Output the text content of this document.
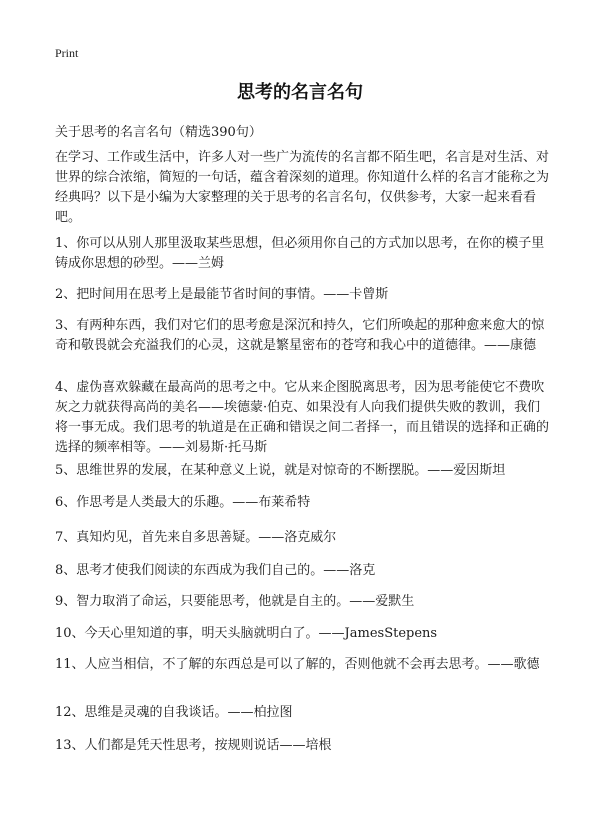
Print
思考的名言名句
关于思考的名言名句（精选390句）
在学习、工作或生活中，许多人对一些广为流传的名言都不陌生吧，名言是对生活、对世界的综合浓缩，简短的一句话，蕴含着深刻的道理。你知道什么样的名言才能称之为经典吗？以下是小编为大家整理的关于思考的名言名句，仅供参考，大家一起来看看吧。
1、你可以从别人那里汲取某些思想，但必须用你自己的方式加以思考，在你的模子里铸成你思想的砂型。——兰姆
2、把时间用在思考上是最能节省时间的事情。——卡曾斯
3、有两种东西，我们对它们的思考愈是深沉和持久，它们所唤起的那种愈来愈大的惊奇和敬畏就会充溢我们的心灵，这就是繁星密布的苍穹和我心中的道德律。——康德
4、虚伪喜欢躲藏在最高尚的思考之中。它从来企图脱离思考，因为思考能使它不费吹灰之力就获得高尚的美名——埃德蒙·伯克、如果没有人向我们提供失败的教训，我们将一事无成。我们思考的轨道是在正确和错误之间二者择一，而且错误的选择和正确的选择的频率相等。——刘易斯·托马斯
5、思维世界的发展，在某种意义上说，就是对惊奇的不断摆脱。——爱因斯坦
6、作思考是人类最大的乐趣。——布莱希特
7、真知灼见，首先来自多思善疑。——洛克威尔
8、思考才使我们阅读的东西成为我们自己的。——洛克
9、智力取消了命运，只要能思考，他就是自主的。——爱默生
10、今天心里知道的事，明天头脑就明白了。——JamesStepens
11、人应当相信，不了解的东西总是可以了解的，否则他就不会再去思考。——歌德
12、思维是灵魂的自我谈话。——柏拉图
13、人们都是凭天性思考，按规则说话——培根
